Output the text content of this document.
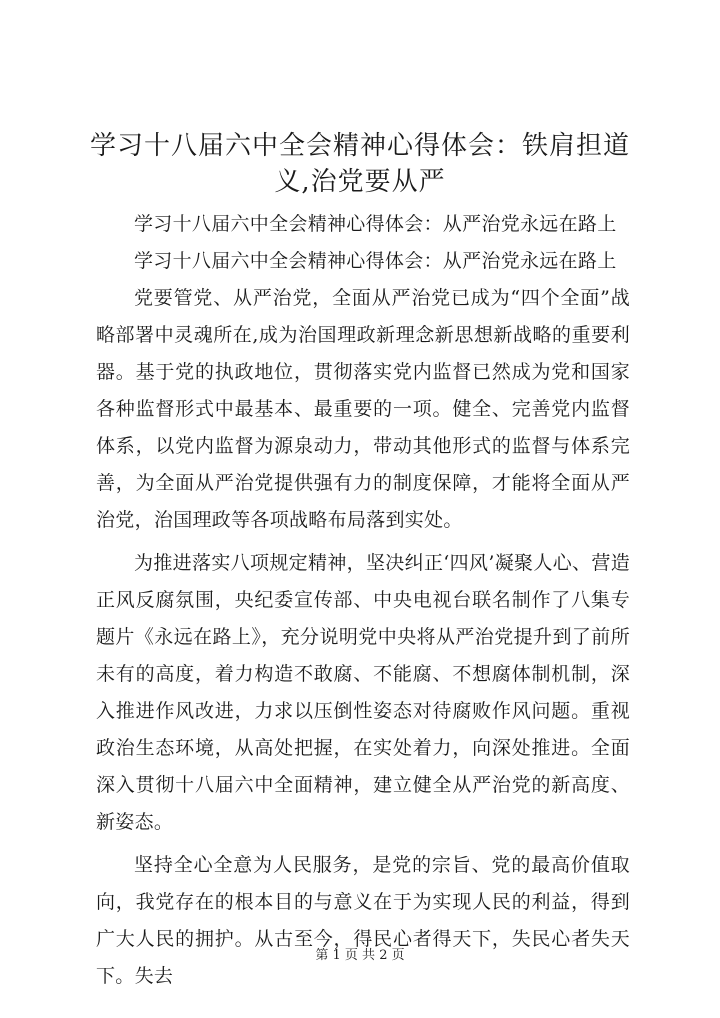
学习十八届六中全会精神心得体会：铁肩担道义,治党要从严

学习十八届六中全会精神心得体会：从严治党永远在路上

学习十八届六中全会精神心得体会：从严治党永远在路上

党要管党、从严治党，全面从严治党已成为“四个全面”战略部署中灵魂所在,成为治国理政新理念新思想新战略的重要利器。基于党的执政地位，贯彻落实党内监督已然成为党和国家各种监督形式中最基本、最重要的一项。健全、完善党内监督体系，以党内监督为源泉动力，带动其他形式的监督与体系完善，为全面从严治党提供强有力的制度保障，才能将全面从严治党，治国理政等各项战略布局落到实处。

为推进落实八项规定精神，坚决纠正‘四风’凝聚人心、营造正风反腐氛围，央纪委宣传部、中央电视台联名制作了八集专题片《永远在路上》，充分说明党中央将从严治党提升到了前所未有的高度，着力构造不敢腐、不能腐、不想腐体制机制，深入推进作风改进，力求以压倒性姿态对待腐败作风问题。重视政治生态环境，从高处把握，在实处着力，向深处推进。全面深入贯彻十八届六中全面精神，建立健全从严治党的新高度、新姿态。

坚持全心全意为人民服务，是党的宗旨、党的最高价值取向，我党存在的根本目的与意义在于为实现人民的利益，得到广大人民的拥护。从古至今，得民心者得天下，失民心者失天下。失去

第 1 页 共 2 页
